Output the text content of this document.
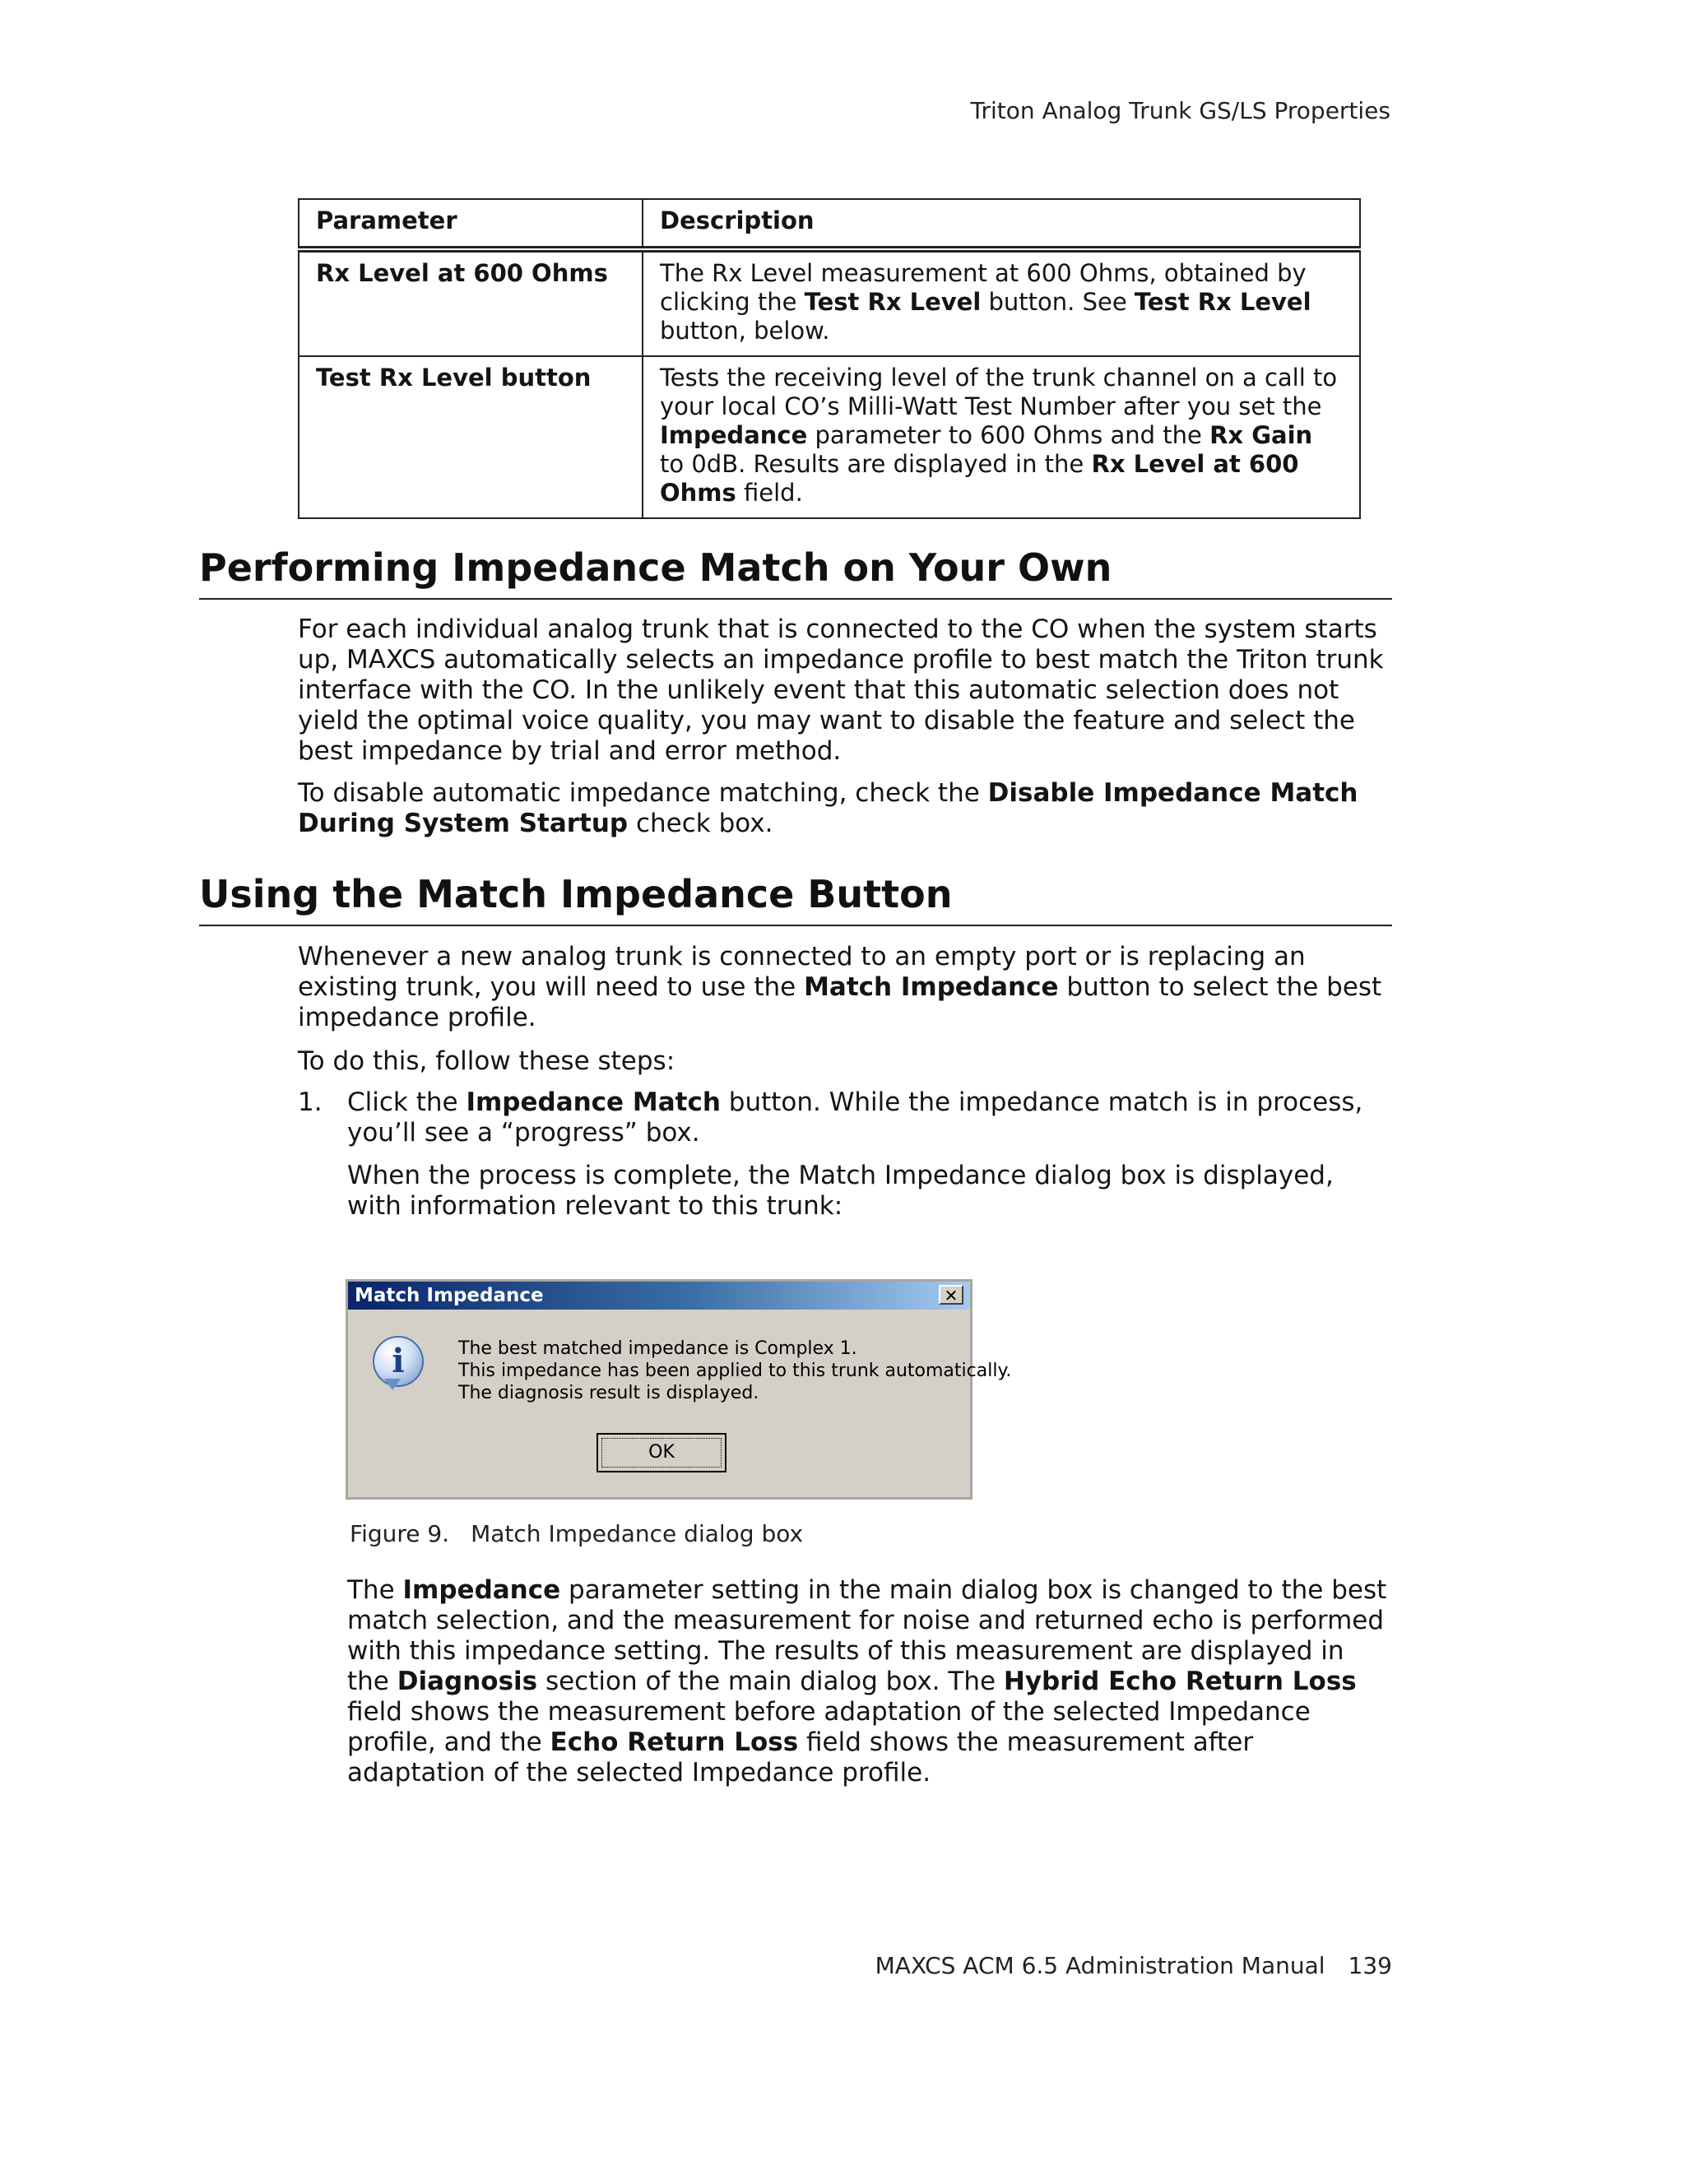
Triton Analog Trunk GS/LS Properties
Parameter	Description
Rx Level at 600 Ohms	The Rx Level measurement at 600 Ohms, obtained by clicking the Test Rx Level button. See Test Rx Level button, below.
Test Rx Level button	Tests the receiving level of the trunk channel on a call to your local CO’s Milli-Watt Test Number after you set the Impedance parameter to 600 Ohms and the Rx Gain to 0dB. Results are displayed in the Rx Level at 600 Ohms field.
Performing Impedance Match on Your Own

For each individual analog trunk that is connected to the CO when the system starts up, MAXCS automatically selects an impedance profile to best match the Triton trunk interface with the CO. In the unlikely event that this automatic selection does not yield the optimal voice quality, you may want to disable the feature and select the best impedance by trial and error method.

To disable automatic impedance matching, check the Disable Impedance Match During System Startup check box.

Using the Match Impedance Button

Whenever a new analog trunk is connected to an empty port or is replacing an existing trunk, you will need to use the Match Impedance button to select the best impedance profile.

To do this, follow these steps:

1. Click the Impedance Match button. While the impedance match is in process, you’ll see a “progress” box.
When the process is complete, the Match Impedance dialog box is displayed, with information relevant to this trunk:
Match Impedance	✕
i	The best matched impedance is Complex 1.
This impedance has been applied to this trunk automatically.
The diagnosis result is displayed.
OK
Figure 9. Match Impedance dialog box

The Impedance parameter setting in the main dialog box is changed to the best match selection, and the measurement for noise and returned echo is performed with this impedance setting. The results of this measurement are displayed in the Diagnosis section of the main dialog box. The Hybrid Echo Return Loss field shows the measurement before adaptation of the selected Impedance profile, and the Echo Return Loss field shows the measurement after adaptation of the selected Impedance profile.

MAXCS ACM 6.5 Administration Manual 139
